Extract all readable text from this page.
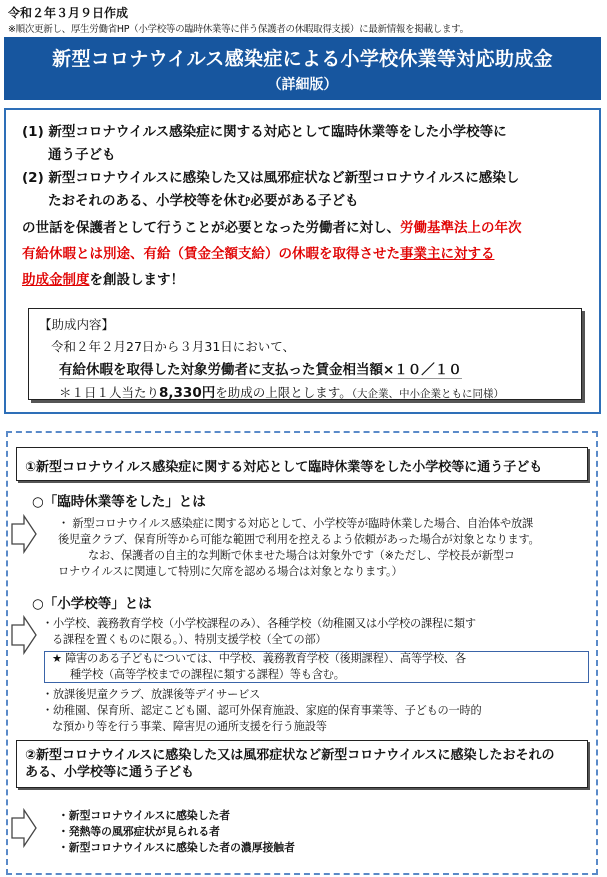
令和２年３月９日作成
※順次更新し、厚生労働省HP（小学校等の臨時休業等に伴う保護者の休暇取得支援）に最新情報を掲載します。
新型コロナウイルス感染症による小学校休業等対応助成金
（詳細版）
(1) 新型コロナウイルス感染症に関する対応として臨時休業等をした小学校等に
通う子ども
(2) 新型コロナウイルスに感染した又は風邪症状など新型コロナウイルスに感染し
たおそれのある、小学校等を休む必要がある子ども
の世話を保護者として行うことが必要となった労働者に対し、労働基準法上の年次
有給休暇とは別途、有給（賃金全額支給）の休暇を取得させた事業主に対する
助成金制度を創設します！
【助成内容】
令和２年２月27日から３月31日において、
有給休暇を取得した対象労働者に支払った賃金相当額×１０／１０
＊１日１人当たり8,330円を助成の上限とします。（大企業、中小企業ともに同様）
①新型コロナウイルス感染症に関する対応として臨時休業等をした小学校等に通う子ども
○「臨時休業等をした」とは
・ 新型コロナウイルス感染症に関する対応として、小学校等が臨時休業した場合、自治体や放課
後児童クラブ、保育所等から可能な範囲で利用を控えるよう依頼があった場合が対象となります。
なお、保護者の自主的な判断で休ませた場合は対象外です（※ただし、学校長が新型コ
ロナウイルスに関連して特別に欠席を認める場合は対象となります。）
○「小学校等」とは
・小学校、義務教育学校（小学校課程のみ）、各種学校（幼稚園又は小学校の課程に類す
る課程を置くものに限る。）、特別支援学校（全ての部）
★ 障害のある子どもについては、中学校、義務教育学校（後期課程）、高等学校、各
種学校（高等学校までの課程に類する課程）等も含む。
・放課後児童クラブ、放課後等デイサービス
・幼稚園、保育所、認定こども園、認可外保育施設、家庭的保育事業等、子どもの一時的
な預かり等を行う事業、障害児の通所支援を行う施設等
②新型コロナウイルスに感染した又は風邪症状など新型コロナウイルスに感染したおそれの
ある、小学校等に通う子ども
・新型コロナウイルスに感染した者
・発熱等の風邪症状が見られる者
・新型コロナウイルスに感染した者の濃厚接触者
